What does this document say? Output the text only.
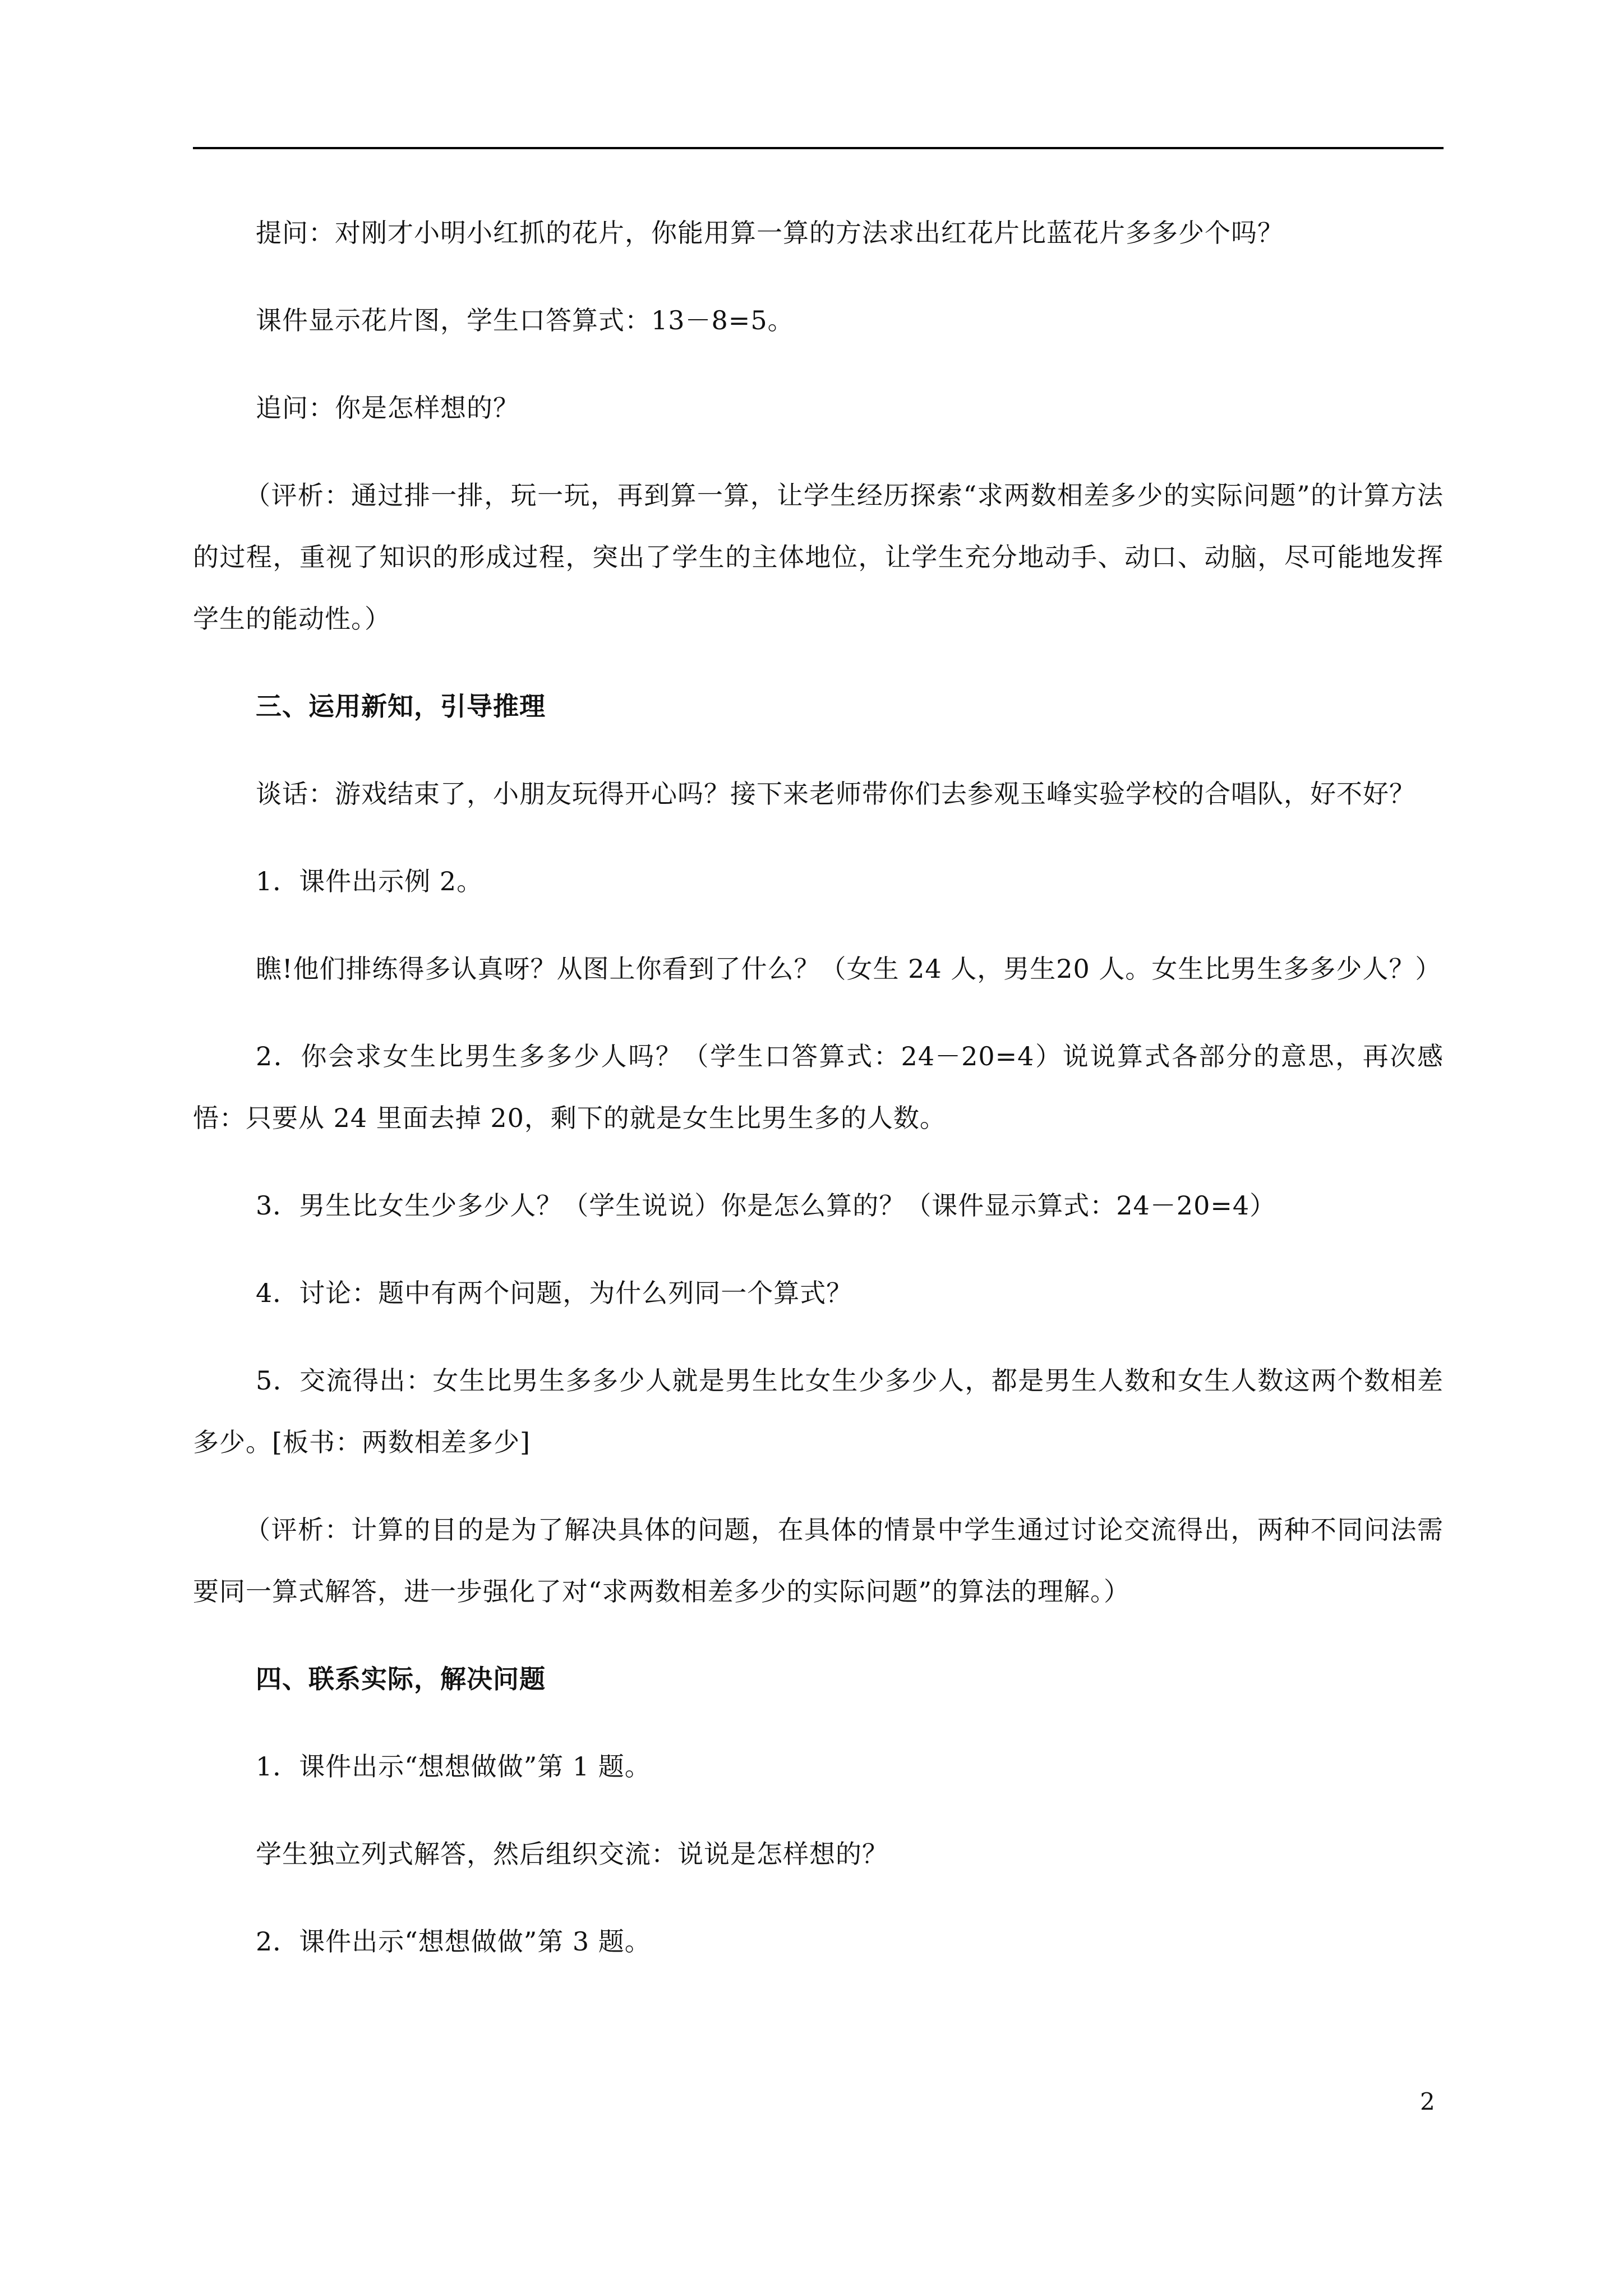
提问：对刚才小明小红抓的花片，你能用算一算的方法求出红花片比蓝花片多多少个吗？

课件显示花片图，学生口答算式：13－8=5。

追问：你是怎样想的？

（评析：通过排一排，玩一玩，再到算一算，让学生经历探索“求两数相差多少的实际问题”的计算方法的过程，重视了知识的形成过程，突出了学生的主体地位，让学生充分地动手、动口、动脑，尽可能地发挥学生的能动性。）

三、运用新知，引导推理

谈话：游戏结束了，小朋友玩得开心吗？接下来老师带你们去参观玉峰实验学校的合唱队，好不好？

1．课件出示例 2。

瞧!他们排练得多认真呀？从图上你看到了什么？（女生 24 人，男生20 人。女生比男生多多少人？）

2．你会求女生比男生多多少人吗？（学生口答算式：24－20=4）说说算式各部分的意思，再次感悟：只要从 24 里面去掉 20，剩下的就是女生比男生多的人数。

3．男生比女生少多少人？（学生说说）你是怎么算的？（课件显示算式：24－20=4）

4．讨论：题中有两个问题，为什么列同一个算式？

5．交流得出：女生比男生多多少人就是男生比女生少多少人，都是男生人数和女生人数这两个数相差多少。[板书：两数相差多少]

（评析：计算的目的是为了解决具体的问题，在具体的情景中学生通过讨论交流得出，两种不同问法需要同一算式解答，进一步强化了对“求两数相差多少的实际问题”的算法的理解。）

四、联系实际，解决问题

1．课件出示“想想做做”第 1 题。

学生独立列式解答，然后组织交流：说说是怎样想的？

2．课件出示“想想做做”第 3 题。

2
